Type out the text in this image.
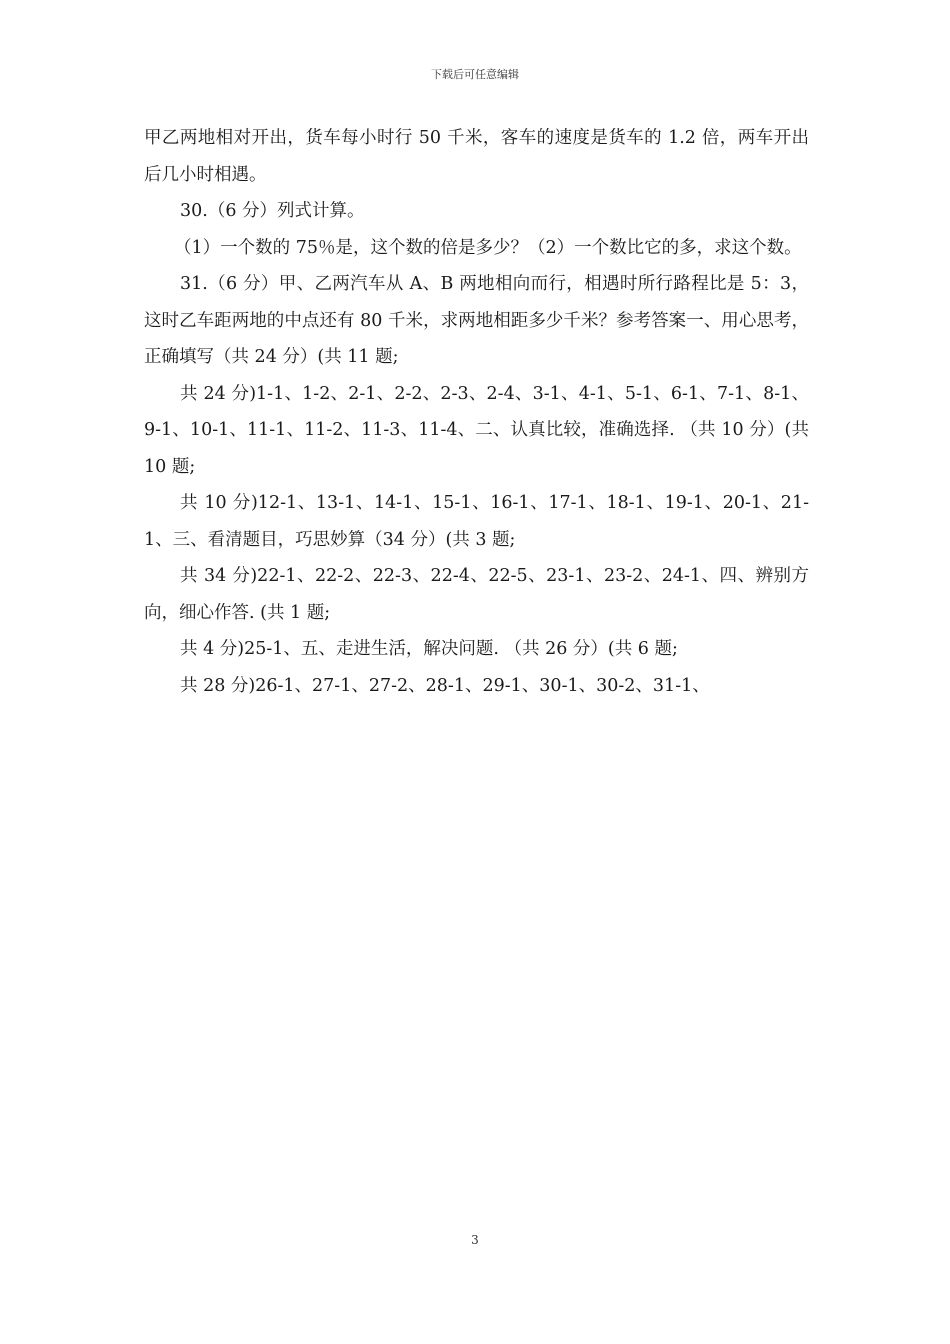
下载后可任意编辑

甲乙两地相对开出，货车每小时行 50 千米，客车的速度是货车的 1.2 倍，两车开出后几小时相遇。

30.（6 分）列式计算。

（1）一个数的 75％是，这个数的倍是多少？（2）一个数比它的多，求这个数。

31.（6 分）甲、乙两汽车从 A、B 两地相向而行，相遇时所行路程比是 5：3，这时乙车距两地的中点还有 80 千米，求两地相距多少千米？参考答案一、用心思考，正确填写（共 24 分）(共 11 题;

共 24 分)1-1、1-2、2-1、2-2、2-3、2-4、3-1、4-1、5-1、6-1、7-1、8-1、9-1、10-1、11-1、11-2、11-3、11-4、二、认真比较，准确选择. （共 10 分）(共 10 题;

共 10 分)12-1、13-1、14-1、15-1、16-1、17-1、18-1、19-1、20-1、21-1、三、看清题目，巧思妙算（34 分）(共 3 题;

共 34 分)22-1、22-2、22-3、22-4、22-5、23-1、23-2、24-1、四、辨别方向，细心作答. (共 1 题;

共 4 分)25-1、五、走进生活，解决问题. （共 26 分）(共 6 题;

共 28 分)26-1、27-1、27-2、28-1、29-1、30-1、30-2、31-1、

3
